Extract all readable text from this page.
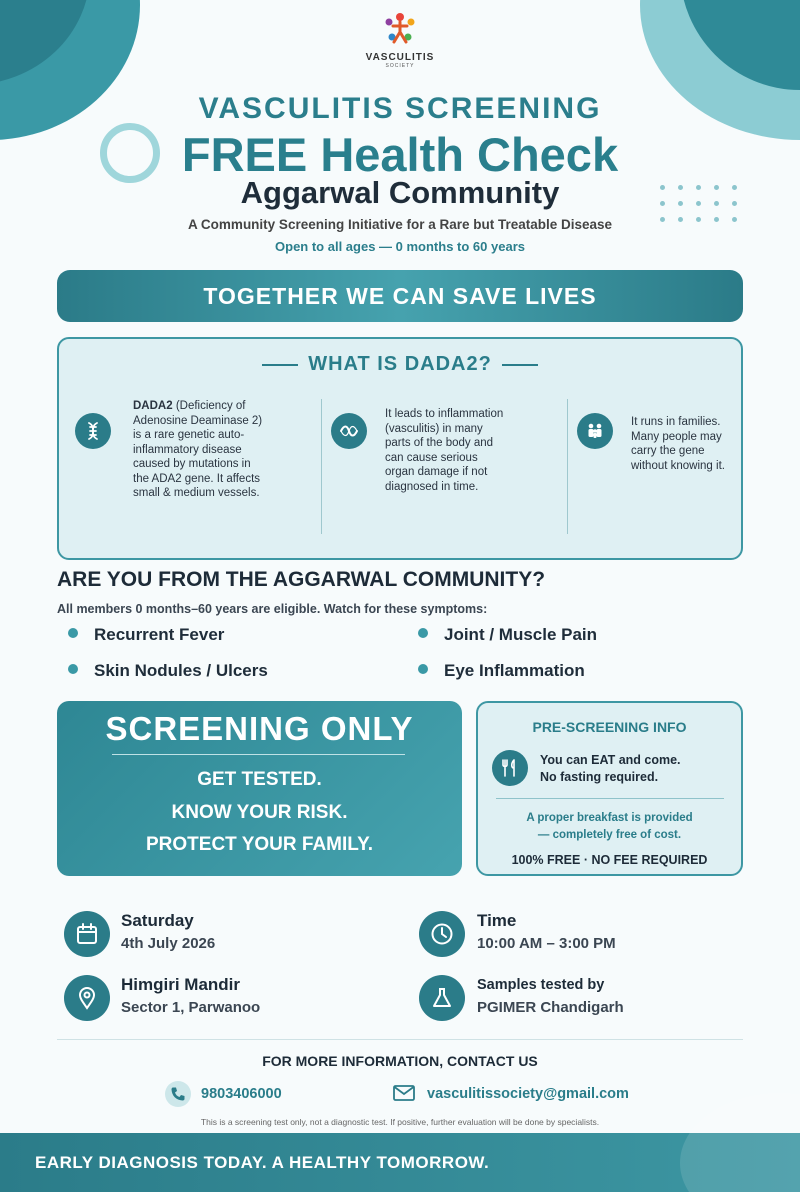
VASCULITIS
SOCIETY
VASCULITIS SCREENING
FREE Health Check
Aggarwal Community
A Community Screening Initiative for a Rare but Treatable Disease
Open to all ages — 0 months to 60 years
TOGETHER WE CAN SAVE LIVES
WHAT IS DADA2?
DADA2 (Deficiency of
Adenosine Deaminase 2)
is a rare genetic auto-
inflammatory disease
caused by mutations in
the ADA2 gene. It affects
small & medium vessels.
It leads to inflammation
(vasculitis) in many
parts of the body and
can cause serious
organ damage if not
diagnosed in time.
It runs in families.
Many people may
carry the gene
without knowing it.
ARE YOU FROM THE AGGARWAL COMMUNITY?
All members 0 months–60 years are eligible. Watch for these symptoms:
Recurrent Fever	Joint / Muscle Pain
Skin Nodules / Ulcers	Eye Inflammation
SCREENING ONLY
GET TESTED.
KNOW YOUR RISK.
PROTECT YOUR FAMILY.
PRE-SCREENING INFO
You can EAT and come.
No fasting required.
A proper breakfast is provided
— completely free of cost.
100% FREE · NO FEE REQUIRED
Saturday
4th July 2026
Time
10:00 AM – 3:00 PM
Himgiri Mandir
Sector 1, Parwanoo
Samples tested by
PGIMER Chandigarh
FOR MORE INFORMATION, CONTACT US
9803406000	vasculitissociety@gmail.com
This is a screening test only, not a diagnostic test. If positive, further evaluation will be done by specialists.
EARLY DIAGNOSIS TODAY. A HEALTHY TOMORROW.
